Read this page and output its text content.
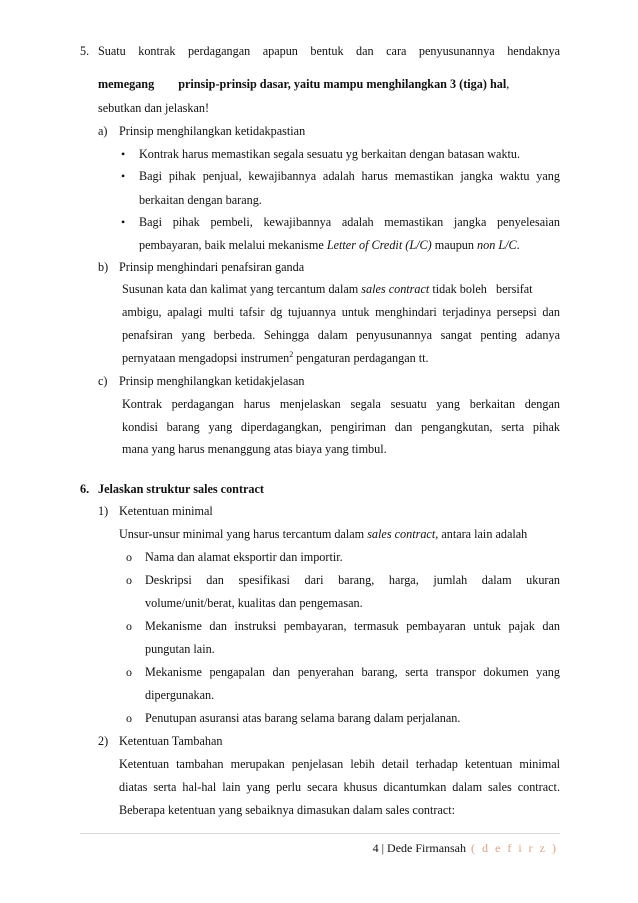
5. Suatu kontrak perdagangan apapun bentuk dan cara penyusunannya hendaknya
memegang prinsip-prinsip dasar, yaitu mampu menghilangkan 3 (tiga) hal,
sebutkan dan jelaskan!
a) Prinsip menghilangkan ketidakpastian
• Kontrak harus memastikan segala sesuatu yg berkaitan dengan batasan waktu.
• Bagi pihak penjual, kewajibannya adalah harus memastikan jangka waktu yang
berkaitan dengan barang.
• Bagi pihak pembeli, kewajibannya adalah memastikan jangka penyelesaian
pembayaran, baik melalui mekanisme Letter of Credit (L/C) maupun non L/C.
b) Prinsip menghindari penafsiran ganda
Susunan kata dan kalimat yang tercantum dalam sales contract tidak boleh   bersifat
ambigu, apalagi multi tafsir dg tujuannya untuk menghindari terjadinya persepsi dan
penafsiran yang berbeda. Sehingga dalam penyusunannya sangat penting adanya
pernyataan mengadopsi instrumen$^2$ pengaturan perdagangan tt.
c) Prinsip menghilangkan ketidakjelasan
Kontrak perdagangan harus menjelaskan segala sesuatu yang berkaitan dengan
kondisi barang yang diperdagangkan, pengiriman dan pengangkutan, serta pihak
mana yang harus menanggung atas biaya yang timbul.
6. Jelaskan struktur sales contract
1) Ketentuan minimal
Unsur-unsur minimal yang harus tercantum dalam sales contract, antara lain adalah
o Nama dan alamat eksportir dan importir.
o Deskripsi dan spesifikasi dari barang, harga, jumlah dalam ukuran
volume/unit/berat, kualitas dan pengemasan.
o Mekanisme dan instruksi pembayaran, termasuk pembayaran untuk pajak dan
pungutan lain.
o Mekanisme pengapalan dan penyerahan barang, serta transpor dokumen yang
dipergunakan.
o Penutupan asuransi atas barang selama barang dalam perjalanan.
2) Ketentuan Tambahan
Ketentuan tambahan merupakan penjelasan lebih detail terhadap ketentuan minimal
diatas serta hal-hal lain yang perlu secara khusus dicantumkan dalam sales contract.
Beberapa ketentuan yang sebaiknya dimasukan dalam sales contract:
4 | Dede Firmansah ( d e f i r z )
